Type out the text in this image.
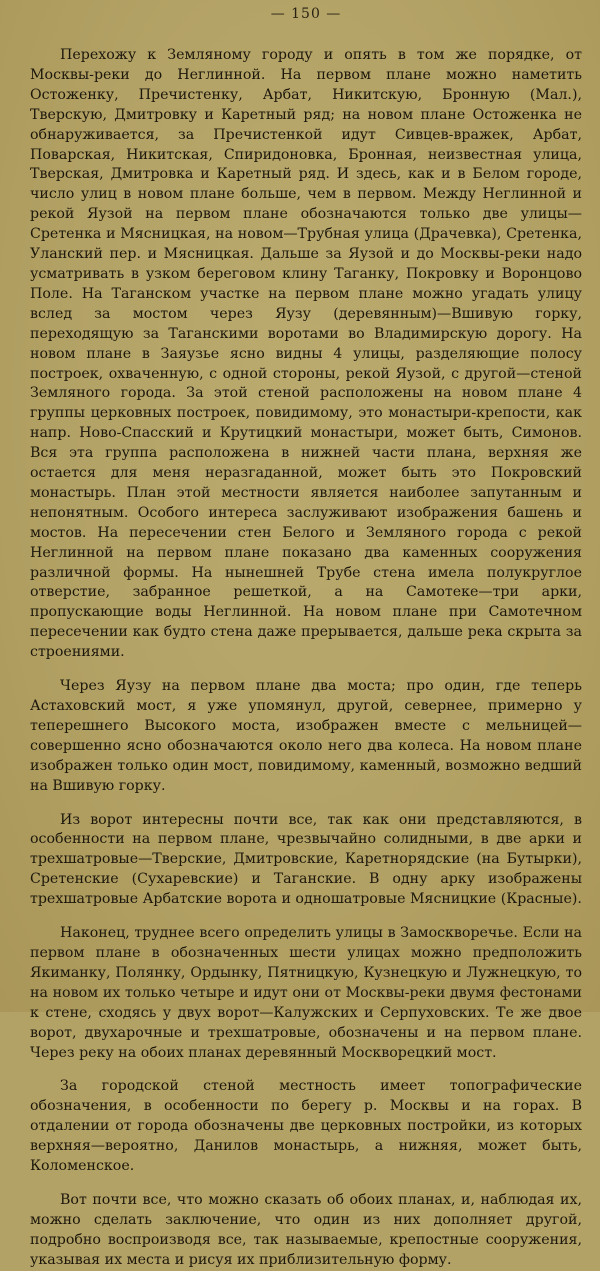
— 150 —

Перехожу к Земляному городу и опять в том же порядке, от Москвы-реки до Неглинной. На первом плане можно наметить Остоженку, Пречистенку, Арбат, Никитскую, Бронную (Мал.), Тверскую, Дмитровку и Каретный ряд; на новом плане Остоженка не обнаруживается, за Пречистенкой идут Сивцев-вражек, Арбат, Поварская, Никитская, Спиридоновка, Бронная, неизвестная улица, Тверская, Дмитровка и Каретный ряд. И здесь, как и в Белом городе, число улиц в новом плане больше, чем в первом. Между Неглинной и рекой Яузой на первом плане обозначаются только две улицы—Сретенка и Мясницкая, на новом—Трубная улица (Драчевка), Сретенка, Уланский пер. и Мясницкая. Дальше за Яузой и до Москвы-реки надо усматривать в узком береговом клину Таганку, Покровку и Воронцово Поле. На Таганском участке на первом плане можно угадать улицу вслед за мостом через Яузу (деревянным)—Вшивую горку, переходящую за Таганскими воротами во Владимирскую дорогу. На новом плане в Заяузье ясно видны 4 улицы, разделяющие полосу построек, охваченную, с одной стороны, рекой Яузой, с другой—стеной Земляного города. За этой стеной расположены на новом плане 4 группы церковных построек, повидимому, это монастыри-крепости, как напр. Ново-Спасский и Крутицкий монастыри, может быть, Симонов. Вся эта группа расположена в нижней части плана, верхняя же остается для меня неразгаданной, может быть это Покровский монастырь. План этой местности является наиболее запутанным и непонятным. Особого интереса заслуживают изображения башень и мостов. На пересечении стен Белого и Земляного города с рекой Неглинной на первом плане показано два каменных сооружения различной формы. На нынешней Трубе стена имела полукруглое отверстие, забранное решеткой, а на Самотеке—три арки, пропускающие воды Неглинной. На новом плане при Самотечном пересечении как будто стена даже прерывается, дальше река скрыта за строениями.

Через Яузу на первом плане два моста; про один, где теперь Астаховский мост, я уже упомянул, другой, севернее, примерно у теперешнего Высокого моста, изображен вместе с мельницей—совершенно ясно обозначаются около него два колеса. На новом плане изображен только один мост, повидимому, каменный, возможно ведший на Вшивую горку.

Из ворот интересны почти все, так как они представляются, в особенности на первом плане, чрезвычайно солидными, в две арки и трехшатровые—Тверские, Дмитровские, Каретнорядские (на Бутырки), Сретенские (Сухаревские) и Таганские. В одну арку изображены трехшатровые Арбатские ворота и одношатровые Мясницкие (Красные).

Наконец, труднее всего определить улицы в Замоскворечье. Если на первом плане в обозначенных шести улицах можно предположить Якиманку, Полянку, Ордынку, Пятницкую, Кузнецкую и Лужнецкую, то на новом их только четыре и идут они от Москвы-реки двумя фестонами к стене, сходясь у двух ворот—Калужских и Серпуховских. Те же двое ворот, двухарочные и трехшатровые, обозначены и на первом плане. Через реку на обоих планах деревянный Москворецкий мост.

За городской стеной местность имеет топографические обозначения, в особенности по берегу р. Москвы и на горах. В отдалении от города обозначены две церковных постройки, из которых верхняя—вероятно, Данилов монастырь, а нижняя, может быть, Коломенское.

Вот почти все, что можно сказать об обоих планах, и, наблюдая их, можно сделать заключение, что один из них дополняет другой, подробно воспроизводя все, так называемые, крепостные сооружения, указывая их места и рисуя их приблизительную форму.
